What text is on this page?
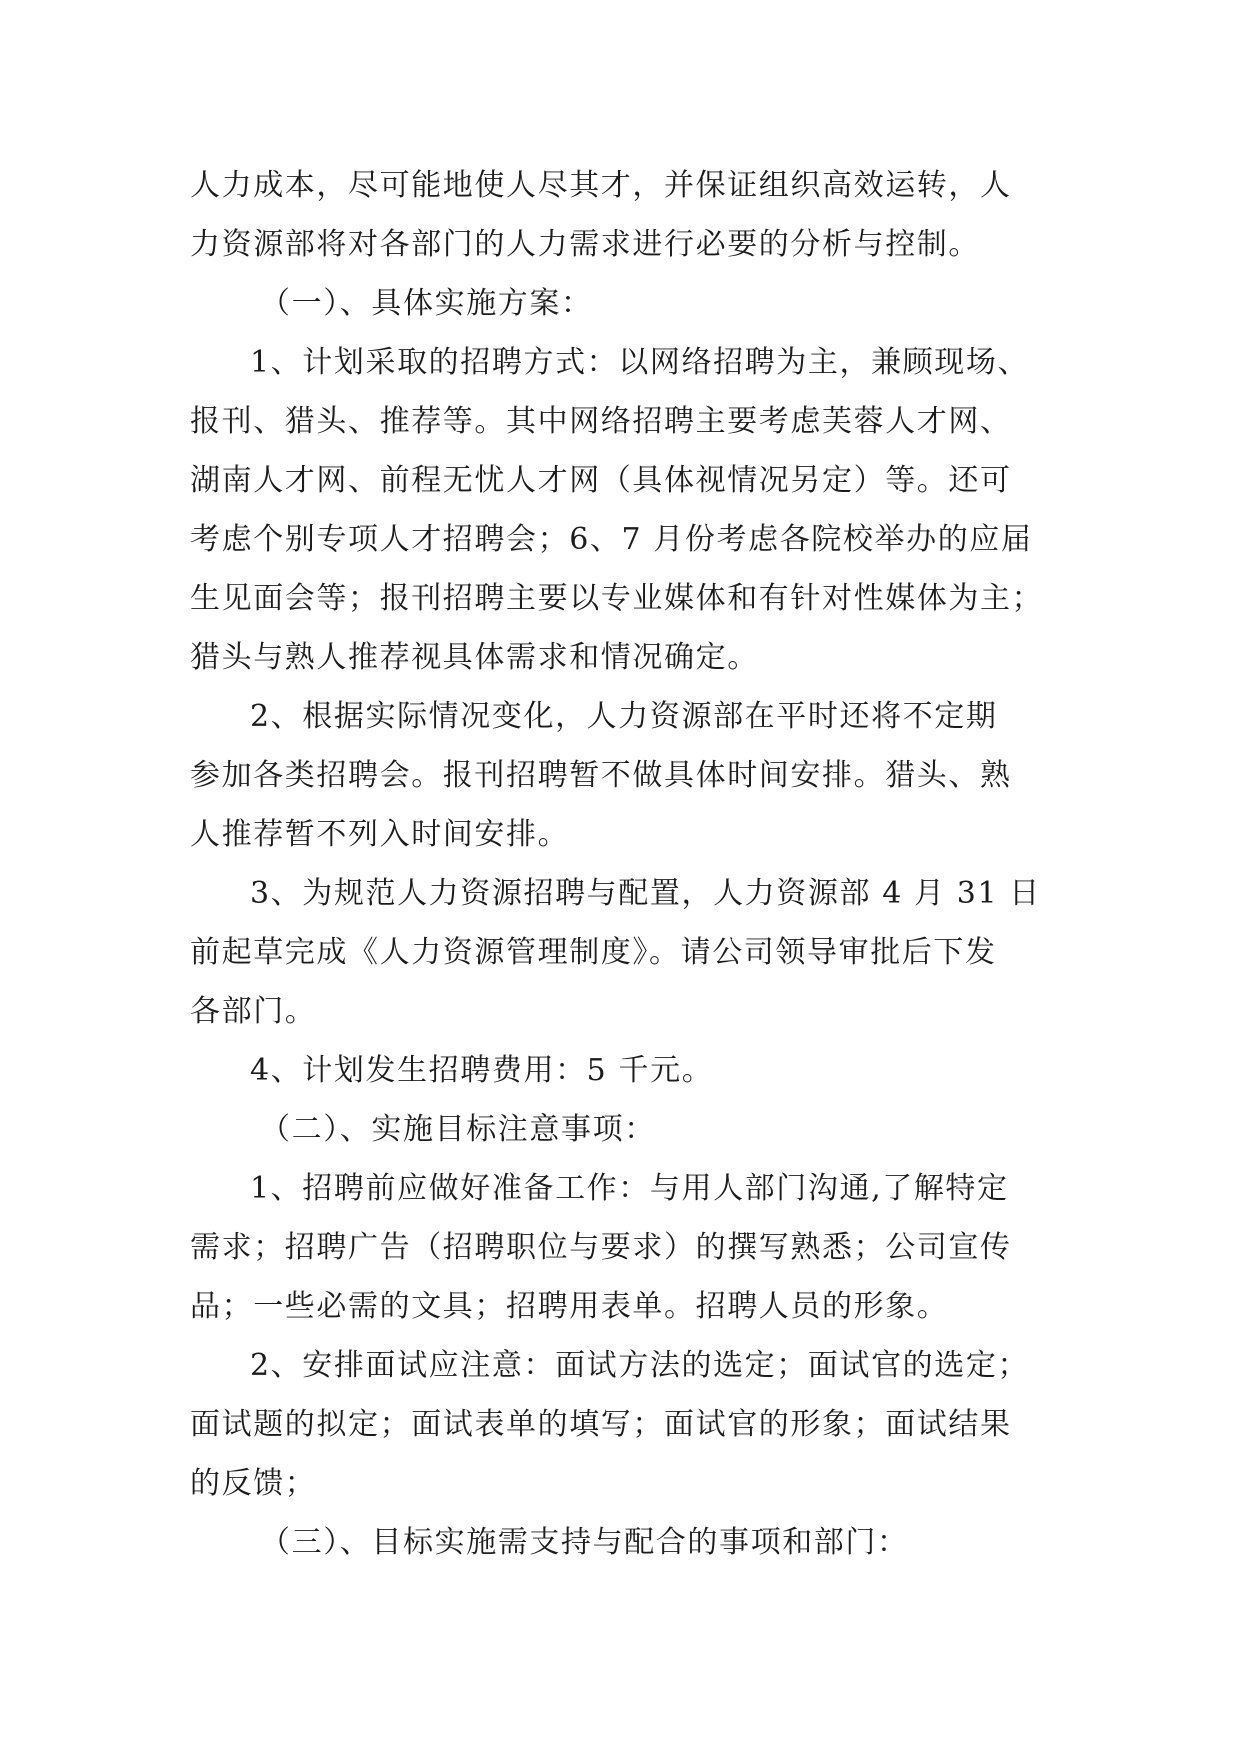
人力成本，尽可能地使人尽其才，并保证组织高效运转，人
力资源部将对各部门的人力需求进行必要的分析与控制。

（一）、具体实施方案：

1、计划采取的招聘方式：以网络招聘为主，兼顾现场、
报刊、猎头、推荐等。其中网络招聘主要考虑芙蓉人才网、
湖南人才网、前程无忧人才网（具体视情况另定）等。还可
考虑个别专项人才招聘会；6、7 月份考虑各院校举办的应届
生见面会等；报刊招聘主要以专业媒体和有针对性媒体为主；
猎头与熟人推荐视具体需求和情况确定。

2、根据实际情况变化，人力资源部在平时还将不定期
参加各类招聘会。报刊招聘暂不做具体时间安排。猎头、熟
人推荐暂不列入时间安排。

3、为规范人力资源招聘与配置，人力资源部 4 月 31 日
前起草完成《人力资源管理制度》。请公司领导审批后下发
各部门。

4、计划发生招聘费用：5 千元。

（二）、实施目标注意事项：

1、招聘前应做好准备工作：与用人部门沟通,了解特定
需求；招聘广告（招聘职位与要求）的撰写熟悉；公司宣传
品；一些必需的文具；招聘用表单。招聘人员的形象。

2、安排面试应注意：面试方法的选定；面试官的选定；
面试题的拟定；面试表单的填写；面试官的形象；面试结果
的反馈；

（三）、目标实施需支持与配合的事项和部门：
